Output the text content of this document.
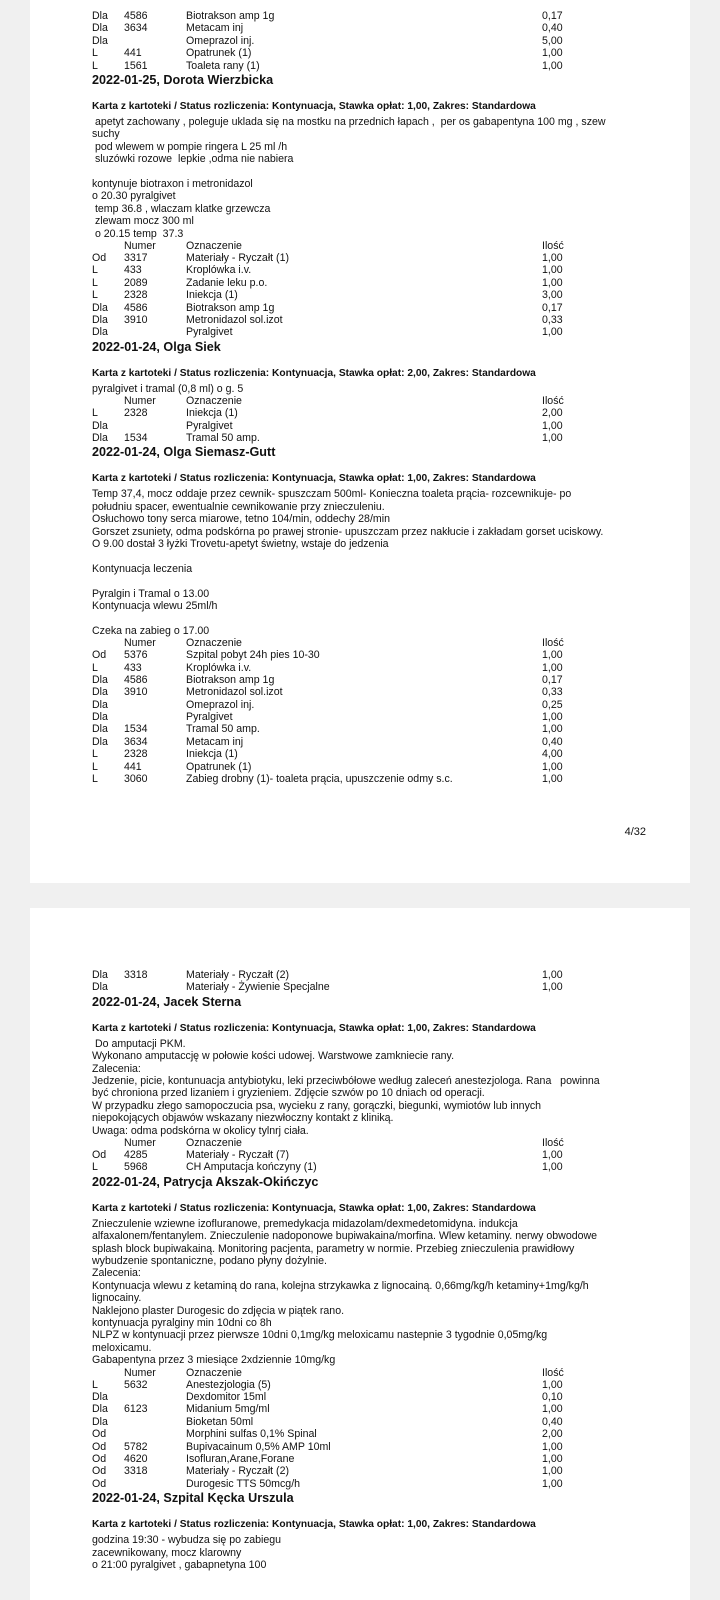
Dla 4586	Biotrakson amp 1g	0,17
Dla 3634	Metacam inj	0,40
Dla	Omeprazol inj.	5,00
L 441	Opatrunek (1)	1,00
L 1561	Toaleta rany (1)	1,00
2022-01-25, Dorota Wierzbicka
Karta z kartoteki / Status rozliczenia: Kontynuacja, Stawka opłat: 1,00, Zakres: Standardowa
apetyt zachowany , poleguje ukladа się na mostku na przednich łapach ,  per os gabapentyna 100 mg , szew
suchy
pod wlewem w pompie ringera L 25 ml /h
sluzówki rozowe  lepkie ,odma nie nabiera
kontynuje biotraxon i metronidazol
o 20.30 pyralgivet
temp 36.8 , wlaczam klatke grzewcza
zlewam mocz 300 ml
o 20.15 temp  37.3
Numer	Oznaczenie	Ilość
Od 3317	Materiały - Ryczałt (1)	1,00
L 433	Kroplówka i.v.	1,00
L 2089	Zadanie leku p.o.	1,00
L 2328	Iniekcja (1)	3,00
Dla 4586	Biotrakson amp 1g	0,17
Dla 3910	Metronidazol sol.izot	0,33
Dla	Pyralgivet	1,00
2022-01-24, Olga Siek
Karta z kartoteki / Status rozliczenia: Kontynuacja, Stawka opłat: 2,00, Zakres: Standardowa
pyralgivet i tramal (0,8 ml) o g. 5
Numer	Oznaczenie	Ilość
L 2328	Iniekcja (1)	2,00
Dla	Pyralgivet	1,00
Dla 1534	Tramal 50 amp.	1,00
2022-01-24, Olga Siemasz-Gutt
Karta z kartoteki / Status rozliczenia: Kontynuacja, Stawka opłat: 1,00, Zakres: Standardowa
Temp 37,4, mocz oddaje przez cewnik- spuszczam 500ml- Konieczna toaleta prącia- rozcewnikuje- po
południu spacer, ewentualnie cewnikowanie przy znieczuleniu.
Osłuchowo tony serca miarowe, tetno 104/min, oddechy 28/min
Gorszet zsuniety, odma podskórna po prawej stronie- upuszczam przez nakłucie i zakładam gorset uciskowy.
O 9.00 dostał 3 łyżki Trovetu-apetyt świetny, wstaje do jedzenia
Kontynuacja leczenia
Pyralgin i Tramal o 13.00
Kontynuacja wlewu 25ml/h
Czeka na zabieg o 17.00
Numer	Oznaczenie	Ilość
Od 5376	Szpital pobyt 24h pies 10-30	1,00
L 433	Kroplówka i.v.	1,00
Dla 4586	Biotrakson amp 1g	0,17
Dla 3910	Metronidazol sol.izot	0,33
Dla	Omeprazol inj.	0,25
Dla	Pyralgivet	1,00
Dla 1534	Tramal 50 amp.	1,00
Dla 3634	Metacam inj	0,40
L 2328	Iniekcja (1)	4,00
L 441	Opatrunek (1)	1,00
L 3060	Zabieg drobny (1)- toaleta prącia, upuszczenie odmy s.c.	1,00
4/32
Dla 3318	Materiały - Ryczałt (2)	1,00
Dla	Materiały - Żywienie Specjalne	1,00
2022-01-24, Jacek Sterna
Karta z kartoteki / Status rozliczenia: Kontynuacja, Stawka opłat: 1,00, Zakres: Standardowa
Do amputacji PKM.
Wykonano amputaccję w połowie kości udowej. Warstwowe zamkniecie rany.
Zalecenia:
Jedzenie, picie, kontunuacja antybiotyku, leki przeciwbółowe według zaleceń anestezjologa. Rana   powinna
być chroniona przed lizaniem i gryzieniem. Zdjęcie szwów po 10 dniach od operacji.
W przypadku złego samopoczucia psa, wycieku z rany, gorączki, biegunki, wymiotów lub innych
niepokojących objawów wskazany niezwłoczny kontakt z kliniką.
Uwaga: odma podskórna w okolicy tylnrj ciała.
Numer	Oznaczenie	Ilość
Od 4285	Materiały - Ryczałt (7)	1,00
L 5968	CH Amputacja kończyny (1)	1,00
2022-01-24, Patrycja Akszak-Okińczyc
Karta z kartoteki / Status rozliczenia: Kontynuacja, Stawka opłat: 1,00, Zakres: Standardowa
Znieczulenie wziewne izofluranowe, premedykacja midazolam/dexmedetomidyna. indukcja
alfaxalonem/fentanylem. Znieczulenie nadoponowe bupiwakaina/morfina. Wlew ketaminy. nerwy obwodowe
splash block bupiwakainą. Monitoring pacjenta, parametry w normie. Przebieg znieczulenia prawidłowy
wybudzenie spontaniczne, podano płyny dożylnie.
Zalecenia:
Kontynuacja wlewu z ketaminą do rana, kolejna strzykawka z lignocainą. 0,66mg/kg/h ketaminy+1mg/kg/h
lignocainy.
Naklejono plaster Durogesic do zdjęcia w piątek rano.
kontynuacja pyralginy min 10dni co 8h
NLPZ w kontynuacji przez pierwsze 10dni 0,1mg/kg meloxicamu nastepnie 3 tygodnie 0,05mg/kg
meloxicamu.
Gabapentyna przez 3 miesiące 2xdziennie 10mg/kg
Numer	Oznaczenie	Ilość
L 5632	Anestezjologia (5)	1,00
Dla	Dexdomitor 15ml	0,10
Dla 6123	Midanium 5mg/ml	1,00
Dla	Bioketan 50ml	0,40
Od	Morphini sulfas 0,1% Spinal	2,00
Od 5782	Bupivacainum 0,5% AMP 10ml	1,00
Od 4620	Isofluran,Arane,Forane	1,00
Od 3318	Materiały - Ryczałt (2)	1,00
Od	Durogesic TTS 50mcg/h	1,00
2022-01-24, Szpital Kęcka Urszula
Karta z kartoteki / Status rozliczenia: Kontynuacja, Stawka opłat: 1,00, Zakres: Standardowa
godzina 19:30 - wybudza się po zabiegu
zacewnikowany, mocz klarowny
o 21:00 pyralgivet , gabapnetyna 100
